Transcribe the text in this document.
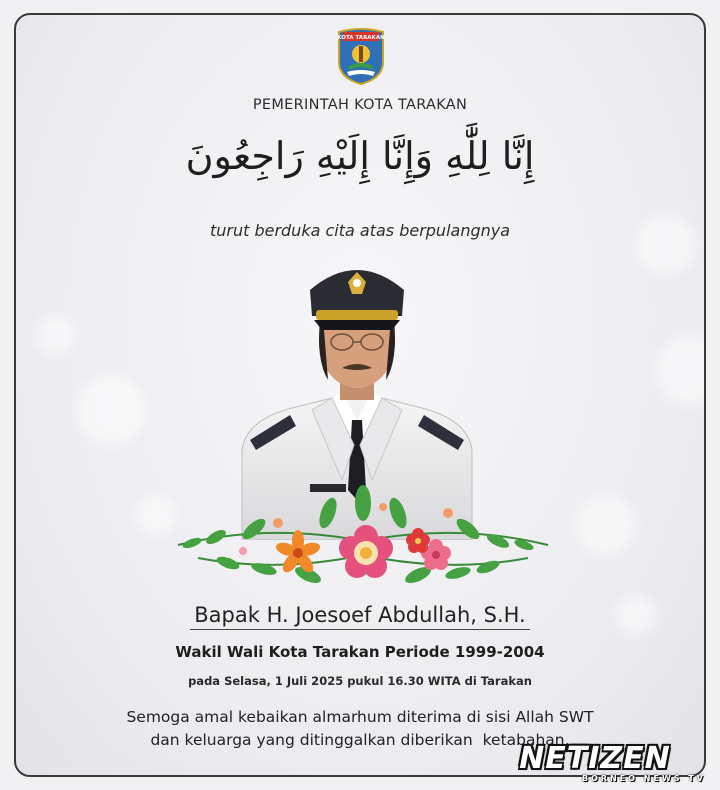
KOTA TARAKAN
PEMERINTAH KOTA TARAKAN
إِنَّا لِلَّٰهِ وَإِنَّا إِلَيْهِ رَاجِعُونَ
turut berduka cita atas berpulangnya
Bapak H. Joesoef Abdullah, S.H.
Wakil Wali Kota Tarakan Periode 1999-2004
pada Selasa, 1 Juli 2025 pukul 16.30 WITA di Tarakan
Semoga amal kebaikan almarhum diterima di sisi Allah SWT
dan keluarga yang ditinggalkan diberikan  ketabahan.
NETIZEN
BORNEO NEWS TV
